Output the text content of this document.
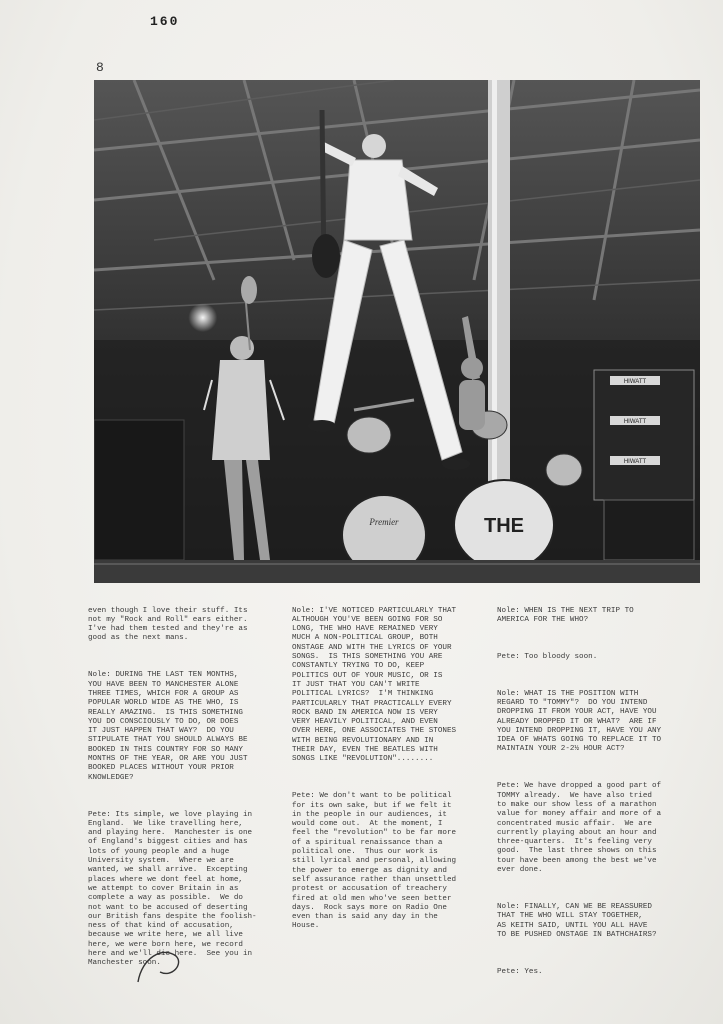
160
8
HIWATT
HIWATT
HIWATT
Premier	THE

even though I love their stuff. Its
not my "Rock and Roll" ears either.
I've had them tested and they're as
good as the next mans.

Nole: DURING THE LAST TEN MONTHS,
YOU HAVE BEEN TO MANCHESTER ALONE
THREE TIMES, WHICH FOR A GROUP AS
POPULAR WORLD WIDE AS THE WHO, IS
REALLY AMAZING.  IS THIS SOMETHING
YOU DO CONSCIOUSLY TO DO, OR DOES
IT JUST HAPPEN THAT WAY?  DO YOU
STIPULATE THAT YOU SHOULD ALWAYS BE
BOOKED IN THIS COUNTRY FOR SO MANY
MONTHS OF THE YEAR, OR ARE YOU JUST
BOOKED PLACES WITHOUT YOUR PRIOR
KNOWLEDGE?

Pete: Its simple, we love playing in
England.  We like travelling here,
and playing here.  Manchester is one
of England's biggest cities and has
lots of young people and a huge
University system.  Where we are
wanted, we shall arrive.  Excepting
places where we dont feel at home,
we attempt to cover Britain in as
complete a way as possible.  We do
not want to be accused of deserting
our British fans despite the foolish-
ness of that kind of accusation,
because we write here, we all live
here, we were born here, we record
here and we'll die here.  See you in
Manchester soon.

Nole: I'VE NOTICED PARTICULARLY THAT
ALTHOUGH YOU'VE BEEN GOING FOR SO
LONG, THE WHO HAVE REMAINED VERY
MUCH A NON-POLITICAL GROUP, BOTH
ONSTAGE AND WITH THE LYRICS OF YOUR
SONGS.  IS THIS SOMETHING YOU ARE
CONSTANTLY TRYING TO DO, KEEP
POLITICS OUT OF YOUR MUSIC, OR IS
IT JUST THAT YOU CAN'T WRITE
POLITICAL LYRICS?  I'M THINKING
PARTICULARLY THAT PRACTICALLY EVERY
ROCK BAND IN AMERICA NOW IS VERY
VERY HEAVILY POLITICAL, AND EVEN
OVER HERE, ONE ASSOCIATES THE STONES
WITH BEING REVOLUTIONARY AND IN
THEIR DAY, EVEN THE BEATLES WITH
SONGS LIKE "REVOLUTION"........

Pete: We don't want to be political
for its own sake, but if we felt it
in the people in our audiences, it
would come out.  At the moment, I
feel the "revolution" to be far more
of a spiritual renaissance than a
political one.  Thus our work is
still lyrical and personal, allowing
the power to emerge as dignity and
self assurance rather than unsettled
protest or accusation of treachery
fired at old men who've seen better
days.  Rock says more on Radio One
even than is said any day in the
House.

Nole: WHEN IS THE NEXT TRIP TO
AMERICA FOR THE WHO?

Pete: Too bloody soon.

Nole: WHAT IS THE POSITION WITH
REGARD TO "TOMMY"?  DO YOU INTEND
DROPPING IT FROM YOUR ACT, HAVE YOU
ALREADY DROPPED IT OR WHAT?  ARE IF
YOU INTEND DROPPING IT, HAVE YOU ANY
IDEA OF WHATS GOING TO REPLACE IT TO
MAINTAIN YOUR 2-2½ HOUR ACT?

Pete: We have dropped a good part of
TOMMY already.  We have also tried
to make our show less of a marathon
value for money affair and more of a
concentrated music affair.  We are
currently playing about an hour and
three-quarters.  It's feeling very
good.  The last three shows on this
tour have been among the best we've
ever done.

Nole: FINALLY, CAN WE BE REASSURED
THAT THE WHO WILL STAY TOGETHER,
AS KEITH SAID, UNTIL YOU ALL HAVE
TO BE PUSHED ONSTAGE IN BATHCHAIRS?

Pete: Yes.
